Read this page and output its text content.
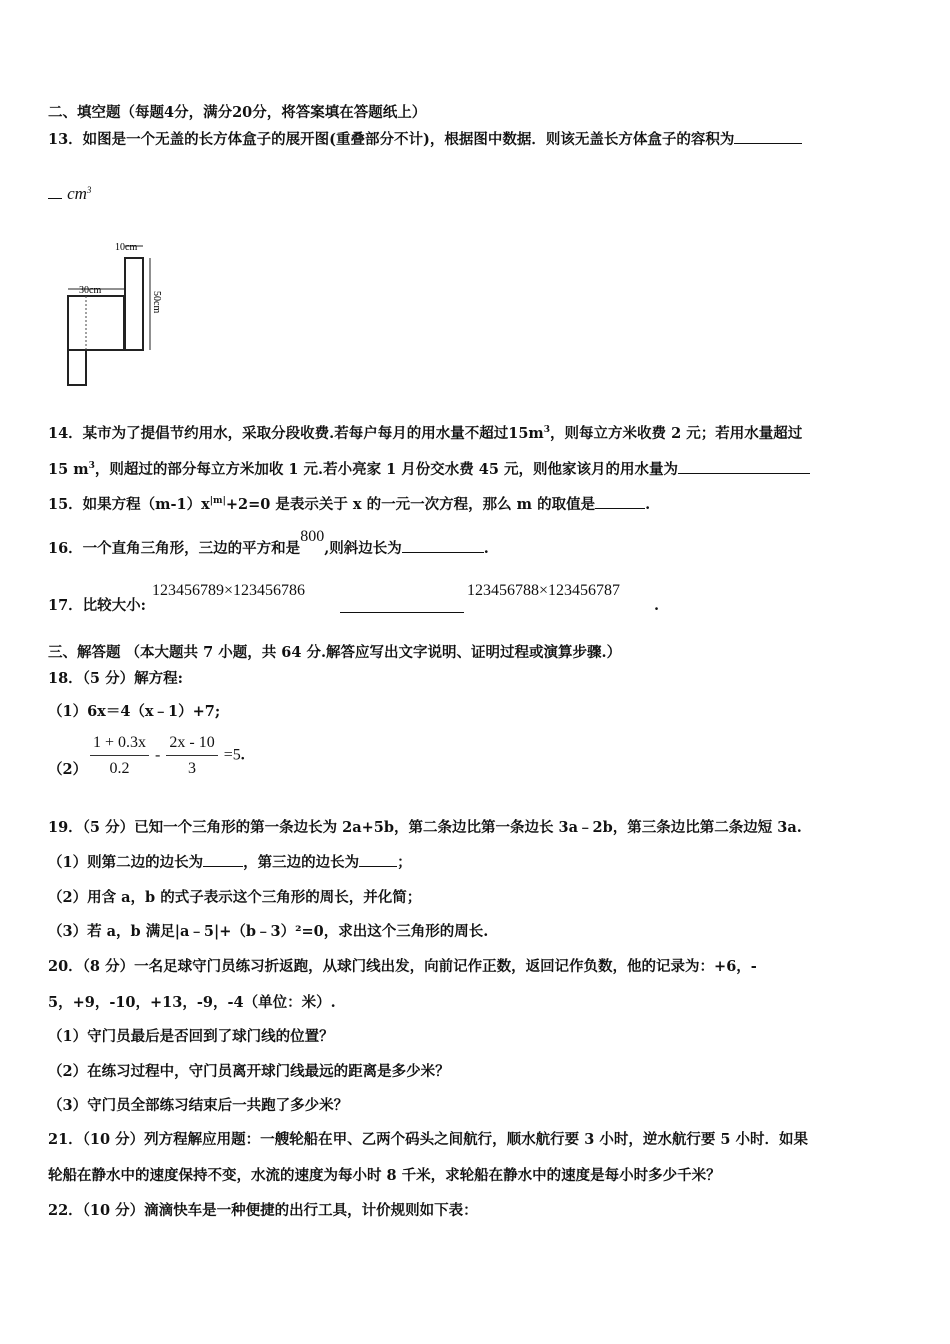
二、填空题（每题4分，满分20分，将答案填在答题纸上）
13．如图是一个无盖的长方体盒子的展开图(重叠部分不计)，根据图中数据．则该无盖长方体盒子的容积为
$cm^3$
10cm
30cm
50cm
14．某市为了提倡节约用水，采取分段收费.若每户每月的用水量不超过$15m^3$，则每立方米收费 2 元；若用水量超过
15 $m^3$，则超过的部分每立方米加收 1 元.若小亮家 1 月份交水费 45 元，则他家该月的用水量为
15．如果方程$(m-1)x^{|m|}+2=0$ 是表示关于 x 的一元一次方程，那么 m 的取值是	.
16．一个直角三角形，三边的平方和是800,则斜边长为	.
17．比较大小:
123456789×123456786	123456788×123456787
.
三、解答题 （本大题共 7 小题，共 64 分.解答应写出文字说明、证明过程或演算步骤.）
18．（5 分）解方程:
（1）6x＝4（x﹣1）+7;
$(2) \frac{1 + 0.3x}{0.2} - \frac{2x - 10}{3} =5$.
19．（5 分）已知一个三角形的第一条边长为 2a+5b，第二条边比第一条边长 3a﹣2b，第三条边比第二条边短 3a.
（1）则第二边的边长为	，第三边的边长为	；
（2）用含 a，b 的式子表示这个三角形的周长，并化简；
（3）若 a，b 满足|a﹣5|+（b﹣3）²=0，求出这个三角形的周长.
20．（8 分）一名足球守门员练习折返跑，从球门线出发，向前记作正数，返回记作负数，他的记录为：+6，-
5，+9，-10，+13，-9，-4（单位：米）.
（1）守门员最后是否回到了球门线的位置？
（2）在练习过程中，守门员离开球门线最远的距离是多少米？
（3）守门员全部练习结束后一共跑了多少米？
21．（10 分）列方程解应用题：一艘轮船在甲、乙两个码头之间航行，顺水航行要 3 小时，逆水航行要 5 小时．如果
轮船在静水中的速度保持不变，水流的速度为每小时 8 千米，求轮船在静水中的速度是每小时多少千米？
22．（10 分）滴滴快车是一种便捷的出行工具，计价规则如下表：
